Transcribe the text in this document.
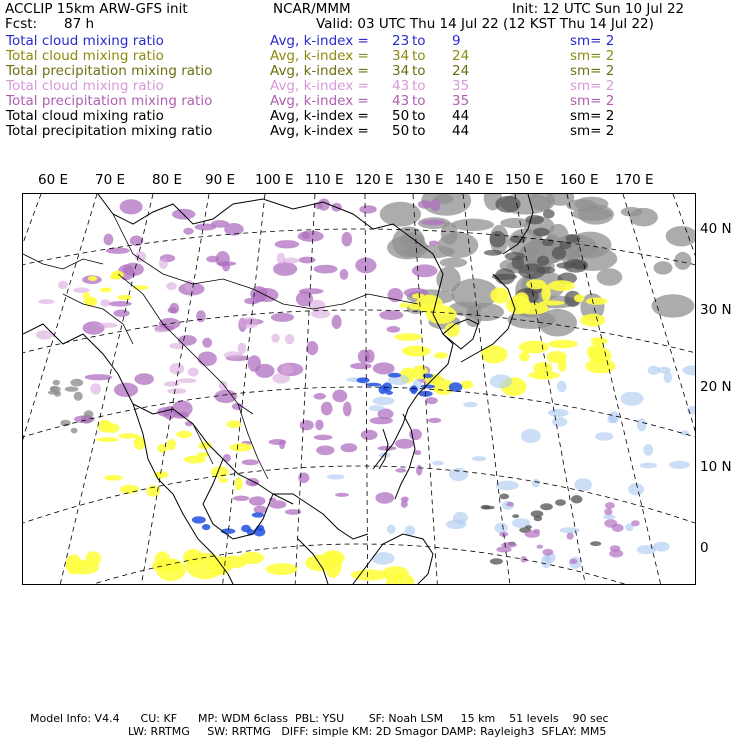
ACCLIP 15km ARW-GFS init	NCAR/MMM	Init: 12 UTC Sun 10 Jul 22
Fcst: 87 h	Valid: 03 UTC Thu 14 Jul 22 (12 KST Thu 14 Jul 22)
Total cloud mixing ratio	Avg, k-index = 23 to 9	sm= 2
Total cloud mixing ratio	Avg, k-index = 34 to 24	sm= 2
Total precipitation mixing ratio	Avg, k-index = 34 to 24	sm= 2
Total cloud mixing ratio	Avg, k-index = 43 to 35	sm= 2
Total precipitation mixing ratio	Avg, k-index = 43 to 35	sm= 2
Total cloud mixing ratio	Avg, k-index = 50 to 44	sm= 2
Total precipitation mixing ratio	Avg, k-index = 50 to 44	sm= 2
60 E 70 E 80 E 90 E 100 E 110 E 120 E 130 E 140 E 150 E 160 E 170 E
40 N
30 N
20 N
10 N
0
Model Info: V4.4      CU: KF      MP: WDM 6class  PBL: YSU       SF: Noah LSM     15 km    51 levels    90 sec
LW: RRTMG     SW: RRTMG   DIFF: simple KM: 2D Smagor DAMP: Rayleigh3  SFLAY: MM5
